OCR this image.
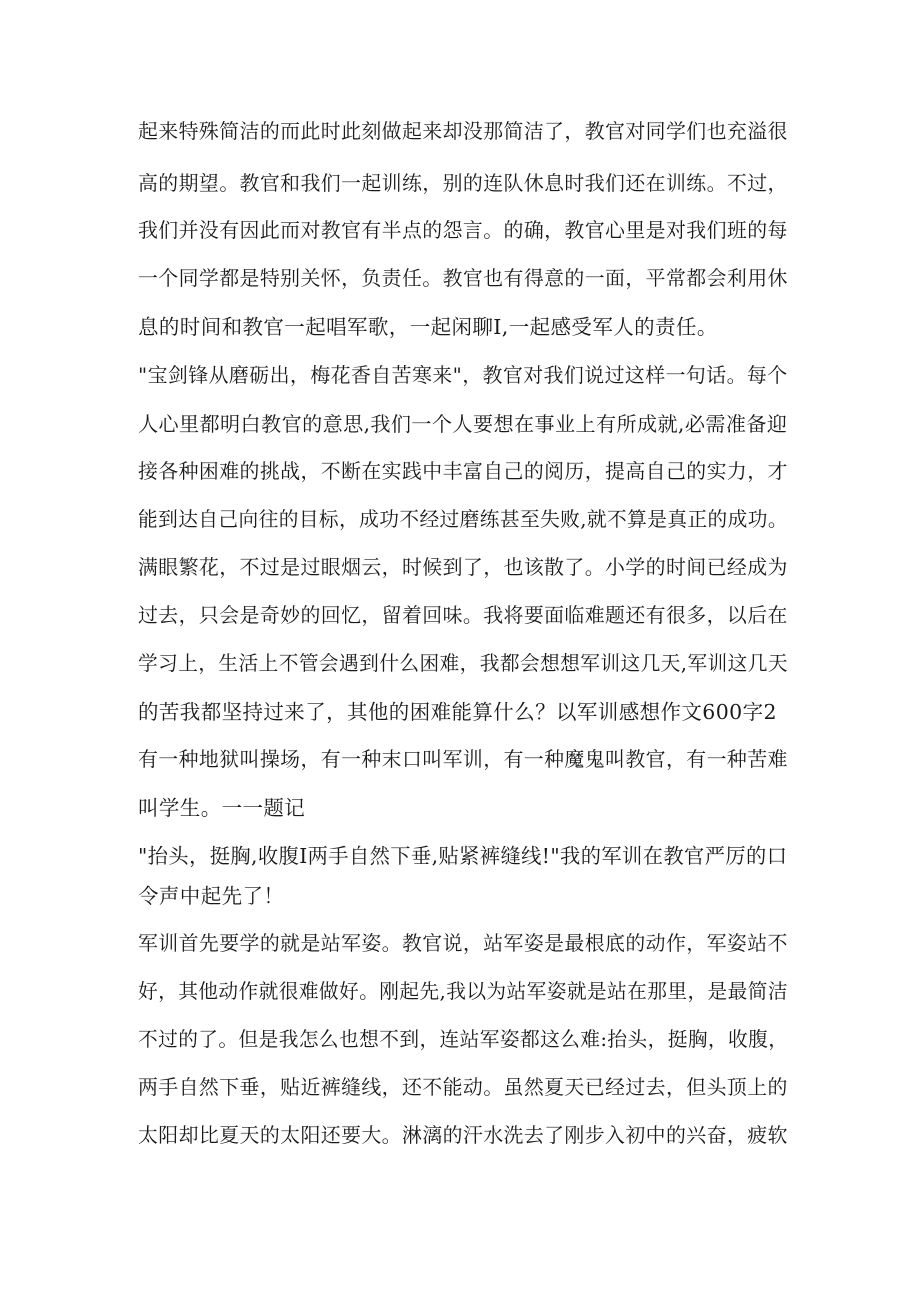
起来特殊简洁的而此时此刻做起来却没那简洁了，教官对同学们也充溢很
高的期望。教官和我们一起训练，别的连队休息时我们还在训练。不过，
我们并没有因此而对教官有半点的怨言。的确，教官心里是对我们班的每
一个同学都是特别关怀，负责任。教官也有得意的一面，平常都会利用休
息的时间和教官一起唱军歌，一起闲聊I,一起感受军人的责任。
"宝剑锋从磨砺出，梅花香自苦寒来"，教官对我们说过这样一句话。每个
人心里都明白教官的意思,我们一个人要想在事业上有所成就,必需准备迎
接各种困难的挑战，不断在实践中丰富自己的阅历，提高自己的实力，才
能到达自己向往的目标，成功不经过磨练甚至失败,就不算是真正的成功。
满眼繁花，不过是过眼烟云，时候到了，也该散了。小学的时间已经成为
过去，只会是奇妙的回忆，留着回味。我将要面临难题还有很多，以后在
学习上，生活上不管会遇到什么困难，我都会想想军训这几天,军训这几天
的苦我都坚持过来了，其他的困难能算什么？以军训感想作文600字2
有一种地狱叫操场，有一种末口叫军训，有一种魔鬼叫教官，有一种苦难
叫学生。一一题记
"抬头，挺胸,收腹I两手自然下垂,贴紧裤缝线!"我的军训在教官严厉的口
令声中起先了！
军训首先要学的就是站军姿。教官说，站军姿是最根底的动作，军姿站不
好，其他动作就很难做好。刚起先,我以为站军姿就是站在那里，是最简洁
不过的了。但是我怎么也想不到，连站军姿都这么难:抬头，挺胸，收腹，
两手自然下垂，贴近裤缝线，还不能动。虽然夏天已经过去，但头顶上的
太阳却比夏天的太阳还要大。淋漓的汗水洗去了刚步入初中的兴奋，疲软
